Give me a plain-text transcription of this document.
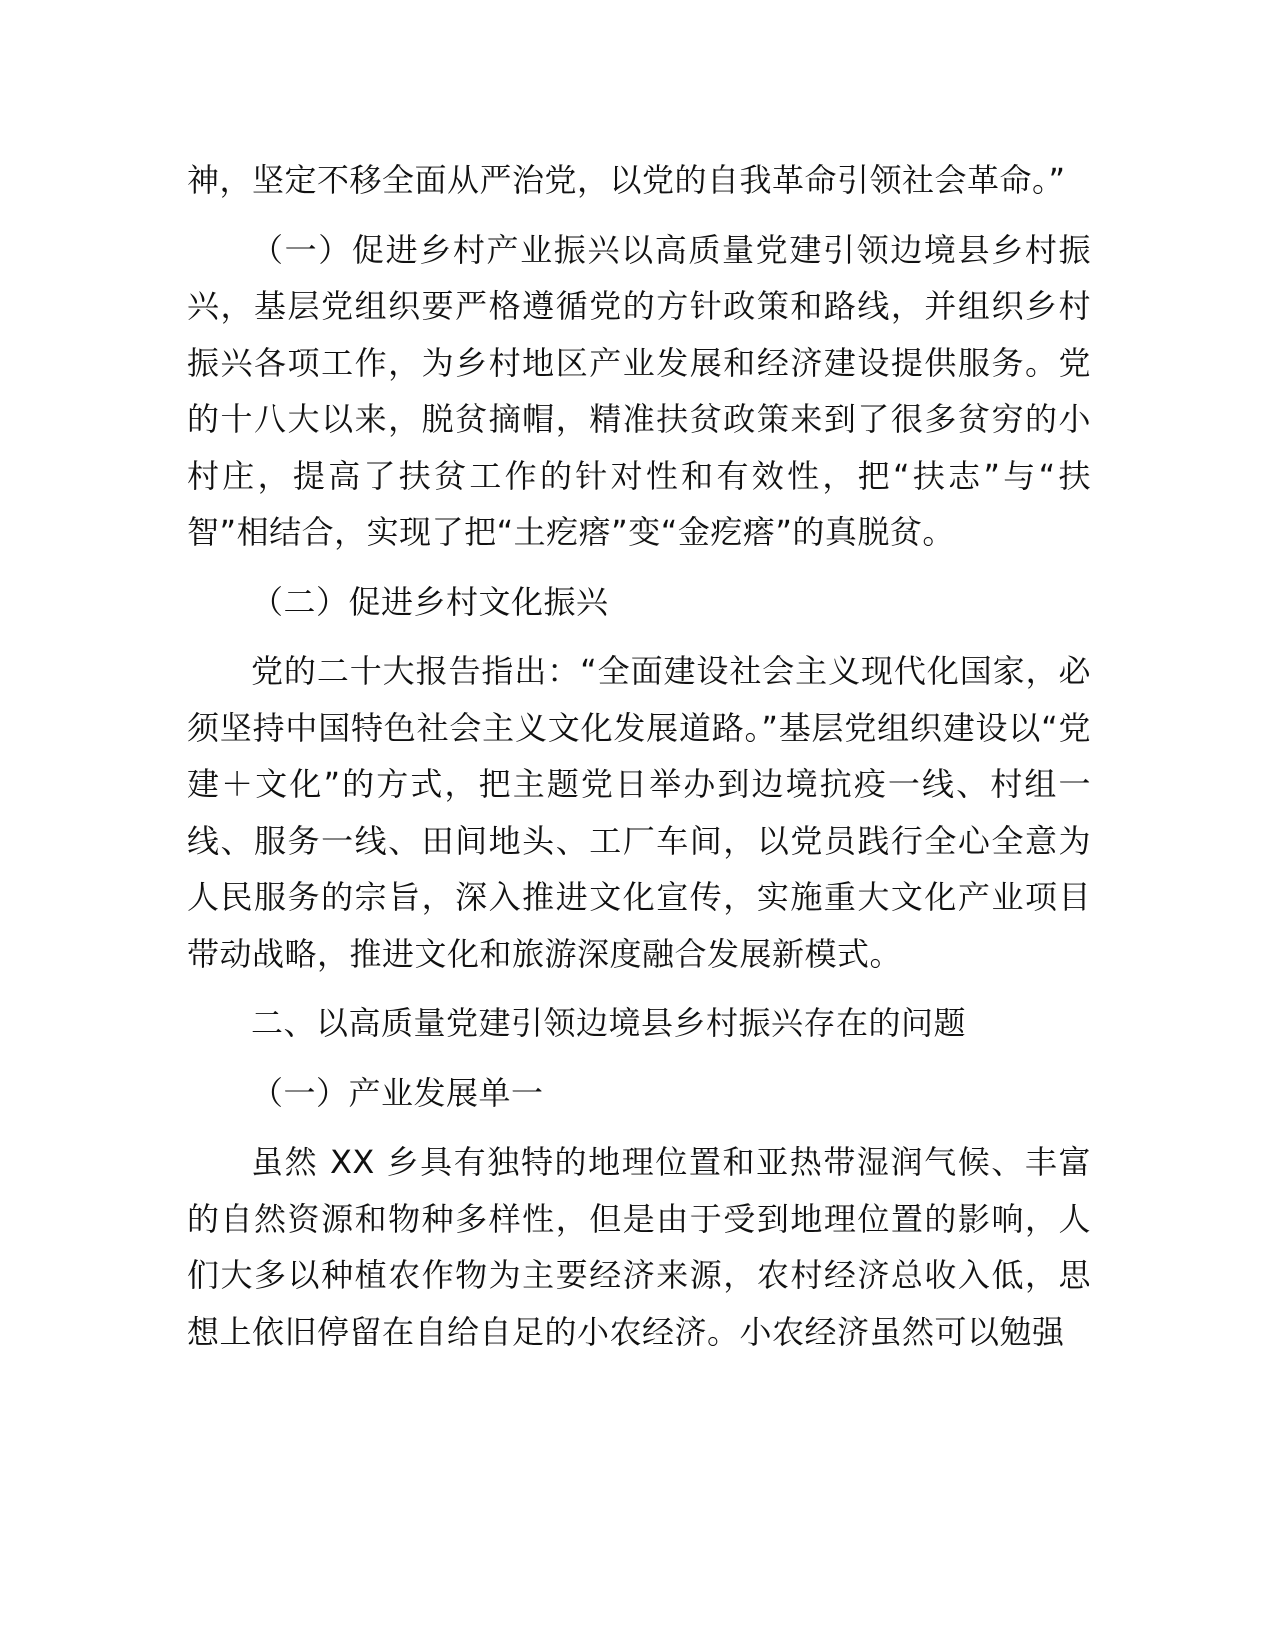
神，坚定不移全面从严治党，以党的自我革命引领社会革命。”

（一）促进乡村产业振兴以高质量党建引领边境县乡村振兴，基层党组织要严格遵循党的方针政策和路线，并组织乡村振兴各项工作，为乡村地区产业发展和经济建设提供服务。党的十八大以来，脱贫摘帽，精准扶贫政策来到了很多贫穷的小村庄，提高了扶贫工作的针对性和有效性，把“扶志”与“扶智”相结合，实现了把“土疙瘩”变“金疙瘩”的真脱贫。

（二）促进乡村文化振兴

党的二十大报告指出：“全面建设社会主义现代化国家，必须坚持中国特色社会主义文化发展道路。”基层党组织建设以“党建＋文化”的方式，把主题党日举办到边境抗疫一线、村组一线、服务一线、田间地头、工厂车间，以党员践行全心全意为人民服务的宗旨，深入推进文化宣传，实施重大文化产业项目带动战略，推进文化和旅游深度融合发展新模式。

二、以高质量党建引领边境县乡村振兴存在的问题

（一）产业发展单一

虽然 XX 乡具有独特的地理位置和亚热带湿润气候、丰富的自然资源和物种多样性，但是由于受到地理位置的影响，人们大多以种植农作物为主要经济来源，农村经济总收入低，思想上依旧停留在自给自足的小农经济。小农经济虽然可以勉强
